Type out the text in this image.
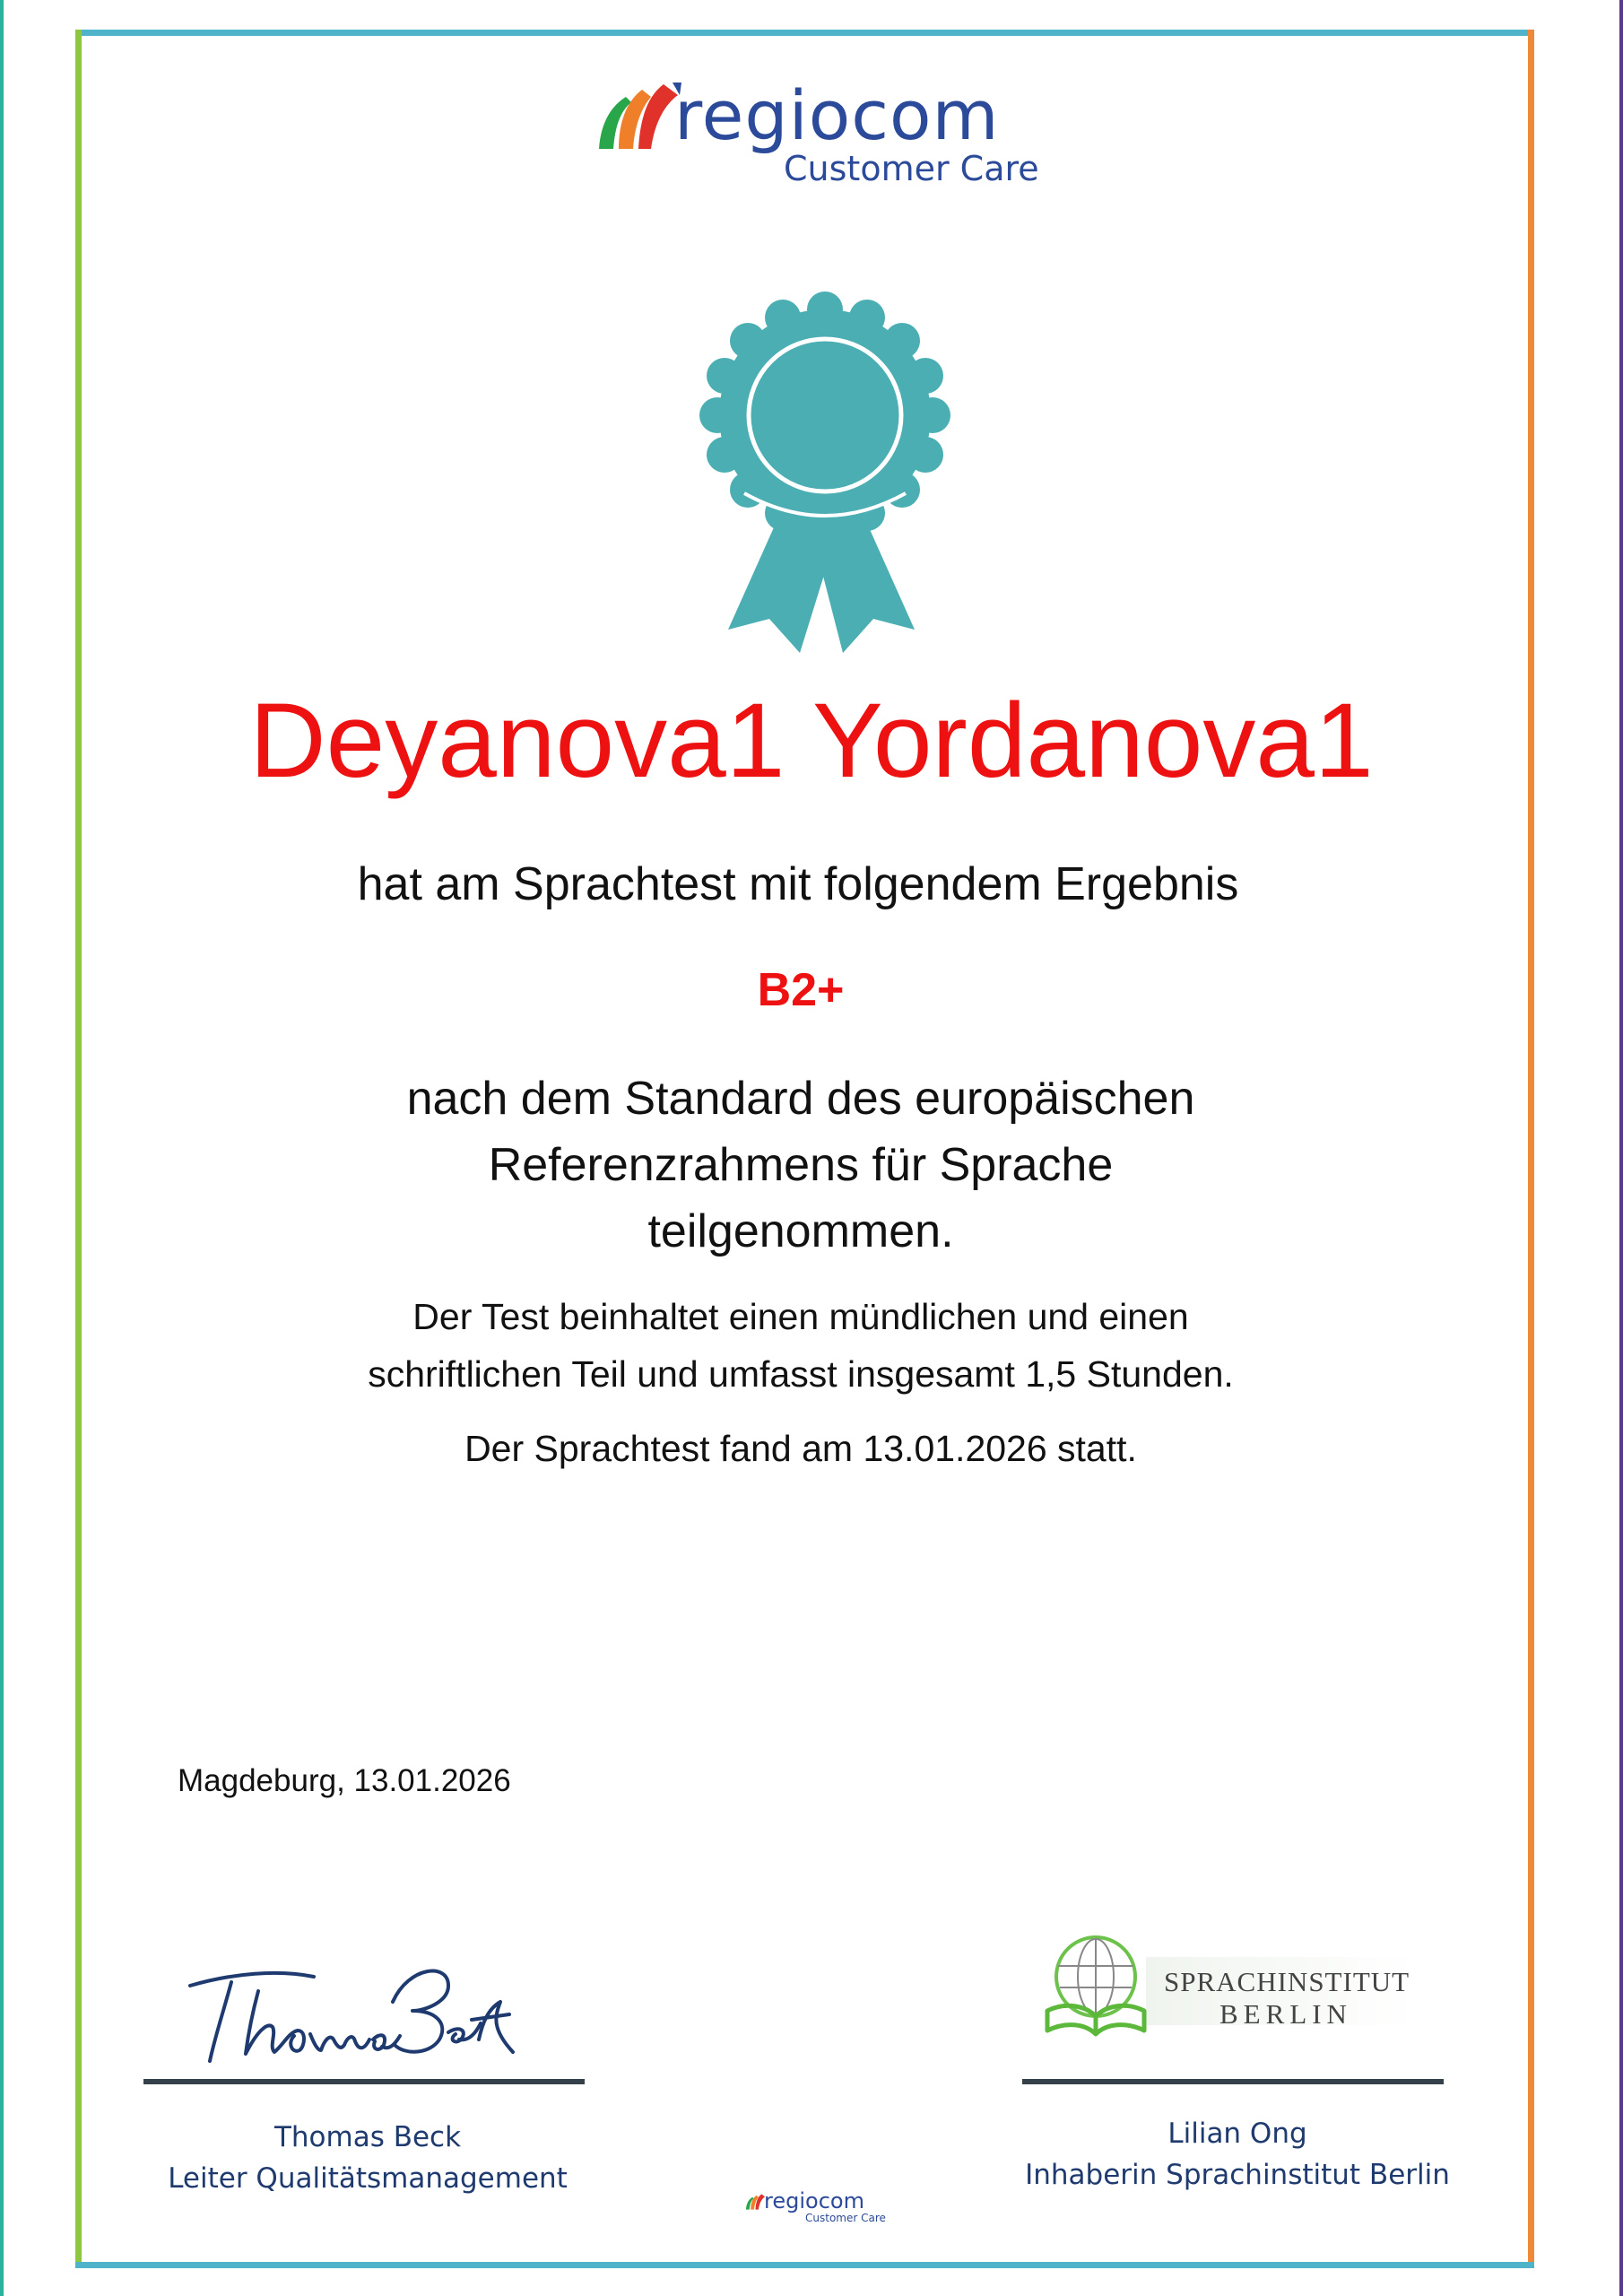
regiocom
Customer Care
Deyanova1 Yordanova1
hat am Sprachtest mit folgendem Ergebnis
B2+
nach dem Standard des europäischen
Referenzrahmens für Sprache
teilgenommen.
Der Test beinhaltet einen mündlichen und einen
schriftlichen Teil und umfasst insgesamt 1,5 Stunden.
Der Sprachtest fand am 13.01.2026 statt.
Magdeburg, 13.01.2026
Thomas Beck
Leiter Qualitätsmanagement
SPRACHINSTITUT
BERLIN
Lilian Ong
Inhaberin Sprachinstitut Berlin
regiocom
Customer Care
